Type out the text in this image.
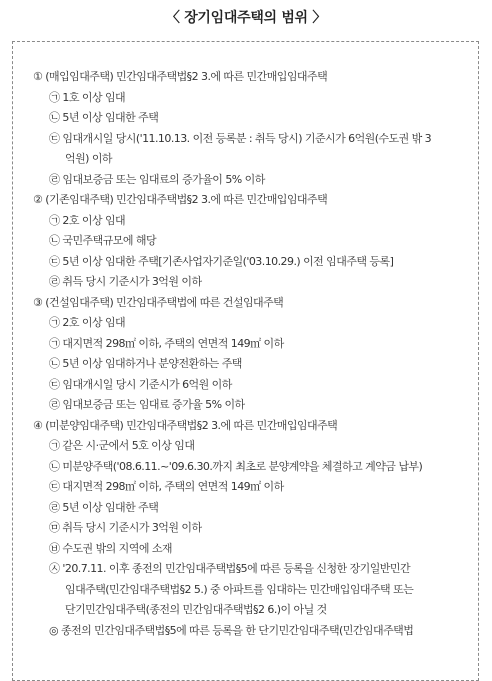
〈 장기임대주택의 범위 〉
① (매입임대주택) 민간임대주택법§2 3.에 따른 민간매입임대주택
㉠ 1호 이상 임대
㉡ 5년 이상 임대한 주택
㉢ 임대개시일 당시('11.10.13. 이전 등록분 : 취득 당시) 기준시가 6억원(수도권 밖 3
억원) 이하
㉣ 임대보증금 또는 임대료의 증가율이 5% 이하
② (기존임대주택) 민간임대주택법§2 3.에 따른 민간매입임대주택
㉠ 2호 이상 임대
㉡ 국민주택규모에 해당
㉢ 5년 이상 임대한 주택[기존사업자기준일('03.10.29.) 이전 임대주택 등록]
㉣ 취득 당시 기준시가 3억원 이하
③ (건설임대주택) 민간임대주택법에 따른 건설임대주택
㉠ 2호 이상 임대
㉠ 대지면적 298㎡ 이하, 주택의 연면적 149㎡ 이하
㉡ 5년 이상 임대하거나 분양전환하는 주택
㉢ 임대개시일 당시 기준시가 6억원 이하
㉣ 임대보증금 또는 임대료 증가율 5% 이하
④ (미분양임대주택) 민간임대주택법§2 3.에 따른 민간매입임대주택
㉠ 같은 시·군에서 5호 이상 임대
㉡ 미분양주택('08.6.11.~'09.6.30.까지 최초로 분양계약을 체결하고 계약금 납부)
㉢ 대지면적 298㎡ 이하, 주택의 연면적 149㎡ 이하
㉣ 5년 이상 임대한 주택
㉤ 취득 당시 기준시가 3억원 이하
㉥ 수도권 밖의 지역에 소재
㉦ '20.7.11. 이후 종전의 민간임대주택법§5에 따른 등록을 신청한 장기일반민간
임대주택(민간임대주택법§2 5.) 중 아파트를 임대하는 민간매입임대주택 또는
단기민간임대주택(종전의 민간임대주택법§2 6.)이 아닐 것
◎ 종전의 민간임대주택법§5에 따른 등록을 한 단기민간임대주택(민간임대주택법
